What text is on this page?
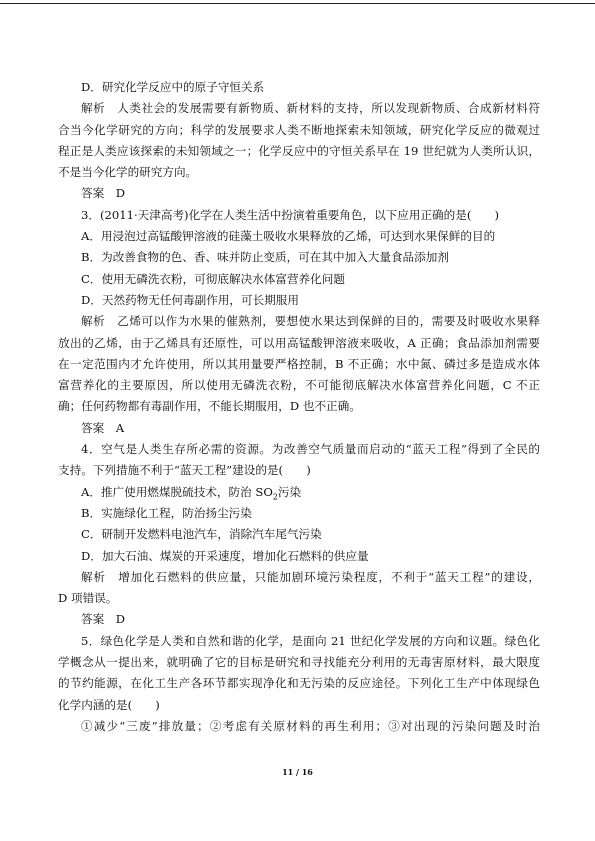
D．研究化学反应中的原子守恒关系
解析　人类社会的发展需要有新物质、新材料的支持，所以发现新物质、合成新材料符
合当今化学研究的方向；科学的发展要求人类不断地探索未知领域，研究化学反应的微观过
程正是人类应该探索的未知领域之一；化学反应中的守恒关系早在 19 世纪就为人类所认识，
不是当今化学的研究方向。
答案　D
3．(2011·天津高考)化学在人类生活中扮演着重要角色，以下应用正确的是(　　)
A．用浸泡过高锰酸钾溶液的硅藻土吸收水果释放的乙烯，可达到水果保鲜的目的
B．为改善食物的色、香、味并防止变质，可在其中加入大量食品添加剂
C．使用无磷洗衣粉，可彻底解决水体富营养化问题
D．天然药物无任何毒副作用，可长期服用
解析　乙烯可以作为水果的催熟剂，要想使水果达到保鲜的目的，需要及时吸收水果释
放出的乙烯，由于乙烯具有还原性，可以用高锰酸钾溶液来吸收，A 正确；食品添加剂需要
在一定范围内才允许使用，所以其用量要严格控制，B 不正确；水中氮、磷过多是造成水体
富营养化的主要原因，所以使用无磷洗衣粉，不可能彻底解决水体富营养化问题，C 不正
确；任何药物都有毒副作用，不能长期服用，D 也不正确。
答案　A
4．空气是人类生存所必需的资源。为改善空气质量而启动的“蓝天工程”得到了全民的
支持。下列措施不利于“蓝天工程”建设的是(　　)
A．推广使用燃煤脱硫技术，防治 $SO_2$污染
B．实施绿化工程，防治扬尘污染
C．研制开发燃料电池汽车，消除汽车尾气污染
D．加大石油、煤炭的开采速度，增加化石燃料的供应量
解析　增加化石燃料的供应量，只能加剧环境污染程度，不利于“蓝天工程”的建设，
D 项错误。
答案　D
5．绿色化学是人类和自然和谐的化学，是面向 21 世纪化学发展的方向和议题。绿色化
学概念从一提出来，就明确了它的目标是研究和寻找能充分利用的无毒害原材料，最大限度
的节约能源，在化工生产各环节都实现净化和无污染的反应途径。下列化工生产中体现绿色
化学内涵的是(　　)
①减少“三废”排放量；②考虑有关原材料的再生利用；③对出现的污染问题及时治
11 / 16
